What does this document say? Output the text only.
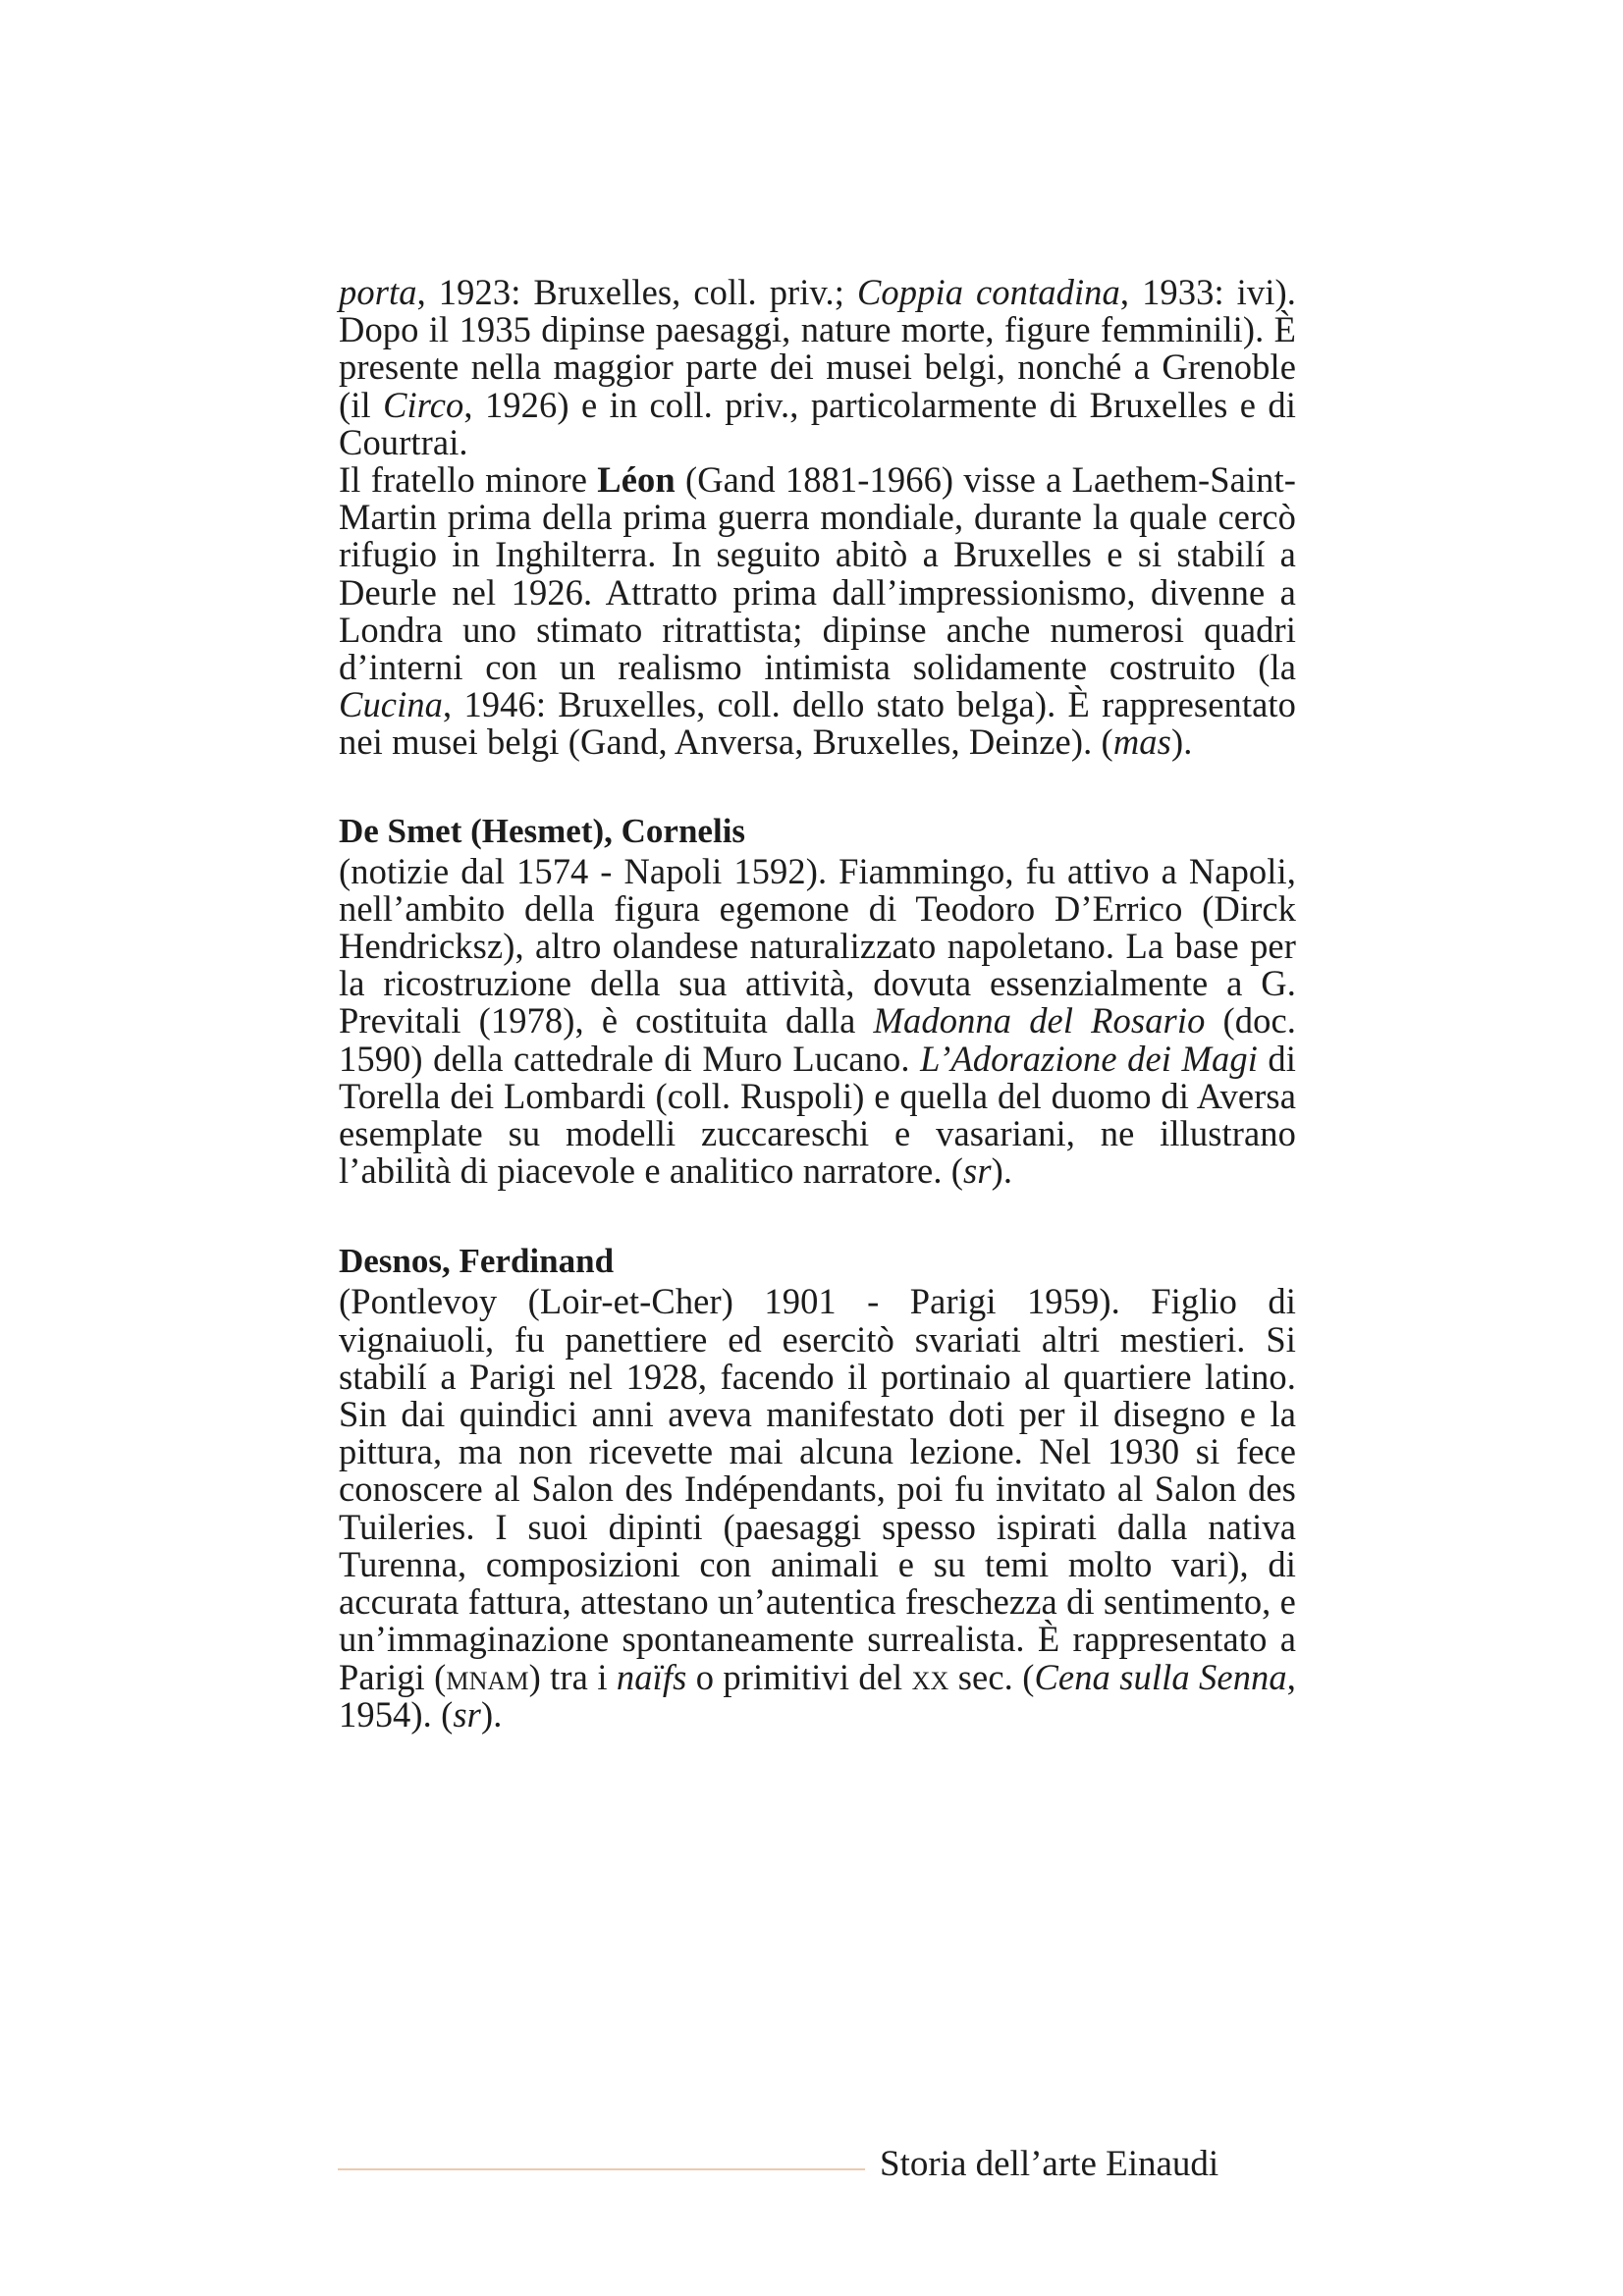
porta, 1923: Bruxelles, coll. priv.; Coppia contadina, 1933: ivi). Dopo il 1935 dipinse paesaggi, nature morte, figure femminili). È presente nella maggior parte dei musei belgi, nonché a Grenoble (il Circo, 1926) e in coll. priv., particolarmente di Bruxelles e di Courtrai.

Il fratello minore Léon (Gand 1881-1966) visse a Laethem-Saint-Martin prima della prima guerra mondiale, durante la quale cercò rifugio in Inghilterra. In seguito abitò a Bruxelles e si stabilí a Deurle nel 1926. Attratto prima dall’impressionismo, divenne a Londra uno stimato ritrattista; dipinse anche numerosi quadri d’interni con un realismo intimista solidamente costruito (la Cucina, 1946: Bruxelles, coll. dello stato belga). È rappresentato nei musei belgi (Gand, Anversa, Bruxelles, Deinze). (mas).

De Smet (Hesmet), Cornelis

(notizie dal 1574 - Napoli 1592). Fiammingo, fu attivo a Napoli, nell’ambito della figura egemone di Teodoro D’Errico (Dirck Hendricksz), altro olandese naturalizzato napoletano. La base per la ricostruzione della sua attività, dovuta essenzialmente a G. Previtali (1978), è costituita dalla Madonna del Rosario (doc. 1590) della cattedrale di Muro Lucano. L’Adorazione dei Magi di Torella dei Lombardi (coll. Ruspoli) e quella del duomo di Aversa esemplate su modelli zuccareschi e vasariani, ne illustrano l’abilità di piacevole e analitico narratore. (sr).

Desnos, Ferdinand

(Pontlevoy (Loir-et-Cher) 1901 - Parigi 1959). Figlio di vignaiuoli, fu panettiere ed esercitò svariati altri mestieri. Si stabilí a Parigi nel 1928, facendo il portinaio al quartiere latino. Sin dai quindici anni aveva manifestato doti per il disegno e la pittura, ma non ricevette mai alcuna lezione. Nel 1930 si fece conoscere al Salon des Indépendants, poi fu invitato al Salon des Tuileries. I suoi dipinti (paesaggi spesso ispirati dalla nativa Turenna, composizioni con animali e su temi molto vari), di accurata fattura, attestano un’autentica freschezza di sentimento, e un’immaginazione spontaneamente surrealista. È rappresentato a Parigi (mnam) tra i naïfs o primitivi del xx sec. (Cena sulla Senna, 1954). (sr).

Storia dell’arte Einaudi
